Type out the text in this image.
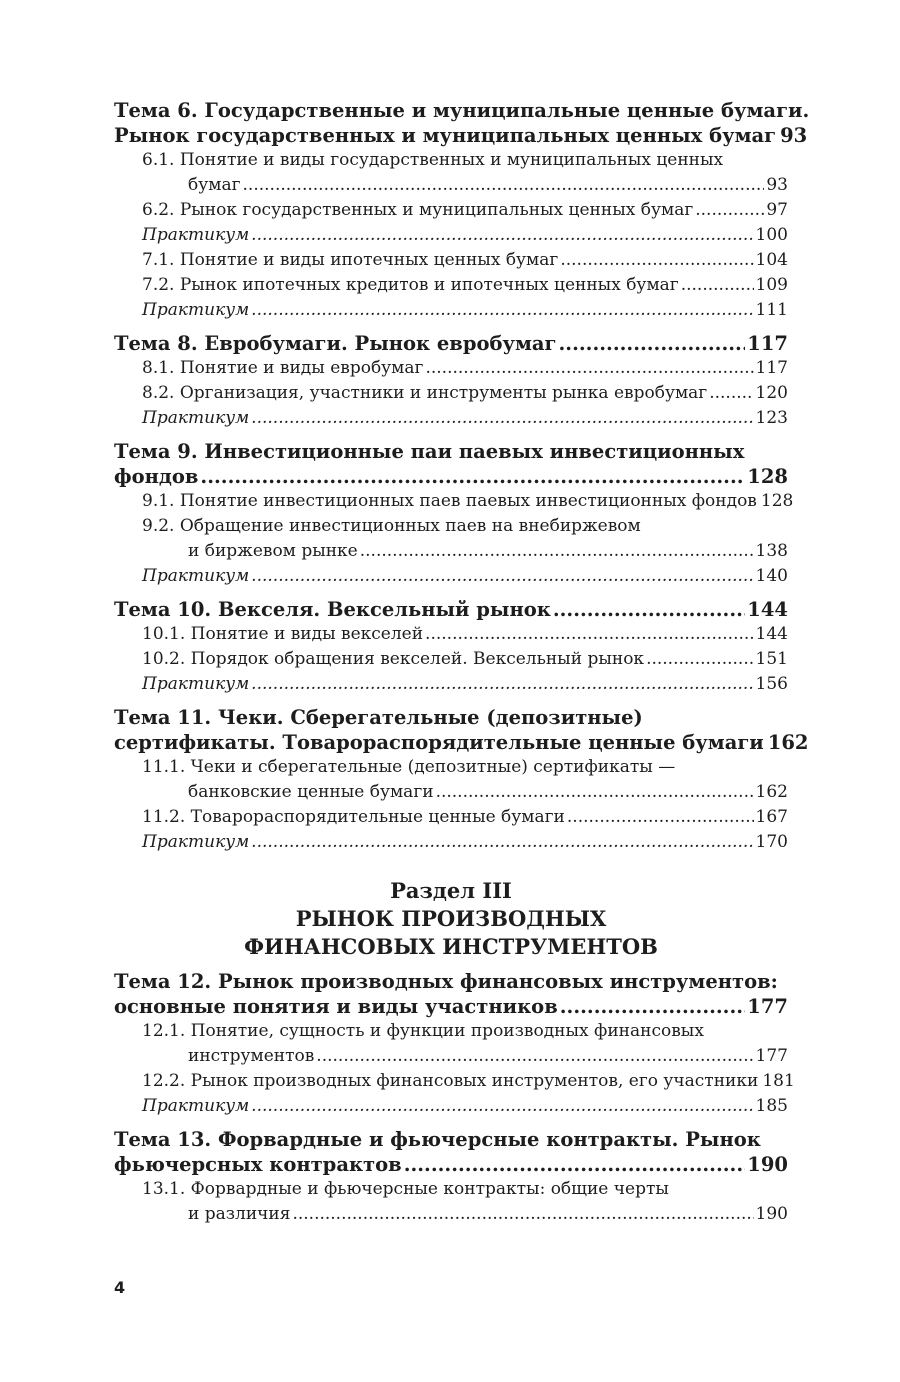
Тема 6. Государственные и муниципальные ценные бумаги.
Рынок государственных и муниципальных ценных бумаг 93
6.1. Понятие и виды государственных и муниципальных ценных
бумаг .....	93
6.2. Рынок государственных и муниципальных ценных бумаг .....	97
Практикум .....	100
7.1. Понятие и виды ипотечных ценных бумаг .....	104
7.2. Рынок ипотечных кредитов и ипотечных ценных бумаг .....	109
Практикум .....	111
Тема 8. Евробумаги. Рынок евробумаг .....	117
8.1. Понятие и виды евробумаг .....	117
8.2. Организация, участники и инструменты рынка евробумаг .....	120
Практикум .....	123
Тема 9. Инвестиционные паи паевых инвестиционных
фондов .....	128
9.1. Понятие инвестиционных паев паевых инвестиционных фондов 128
9.2. Обращение инвестиционных паев на внебиржевом
и биржевом рынке .....	138
Практикум .....	140
Тема 10. Векселя. Вексельный рынок .....	144
10.1. Понятие и виды векселей .....	144
10.2. Порядок обращения векселей. Вексельный рынок .....	151
Практикум .....	156
Тема 11. Чеки. Сберегательные (депозитные)
сертификаты. Товарораспорядительные ценные бумаги 162
11.1. Чеки и сберегательные (депозитные) сертификаты —
банковские ценные бумаги .....	162
11.2. Товарораспорядительные ценные бумаги .....	167
Практикум .....	170
Раздел III
РЫНОК ПРОИЗВОДНЫХ
ФИНАНСОВЫХ ИНСТРУМЕНТОВ
Тема 12. Рынок производных финансовых инструментов:
основные понятия и виды участников .....	177
12.1. Понятие, сущность и функции производных финансовых
инструментов .....	177
12.2. Рынок производных финансовых инструментов, его участники 181
Практикум .....	185
Тема 13. Форвардные и фьючерсные контракты. Рынок
фьючерсных контрактов .....	190
13.1. Форвардные и фьючерсные контракты: общие черты
и различия .....	190
4
